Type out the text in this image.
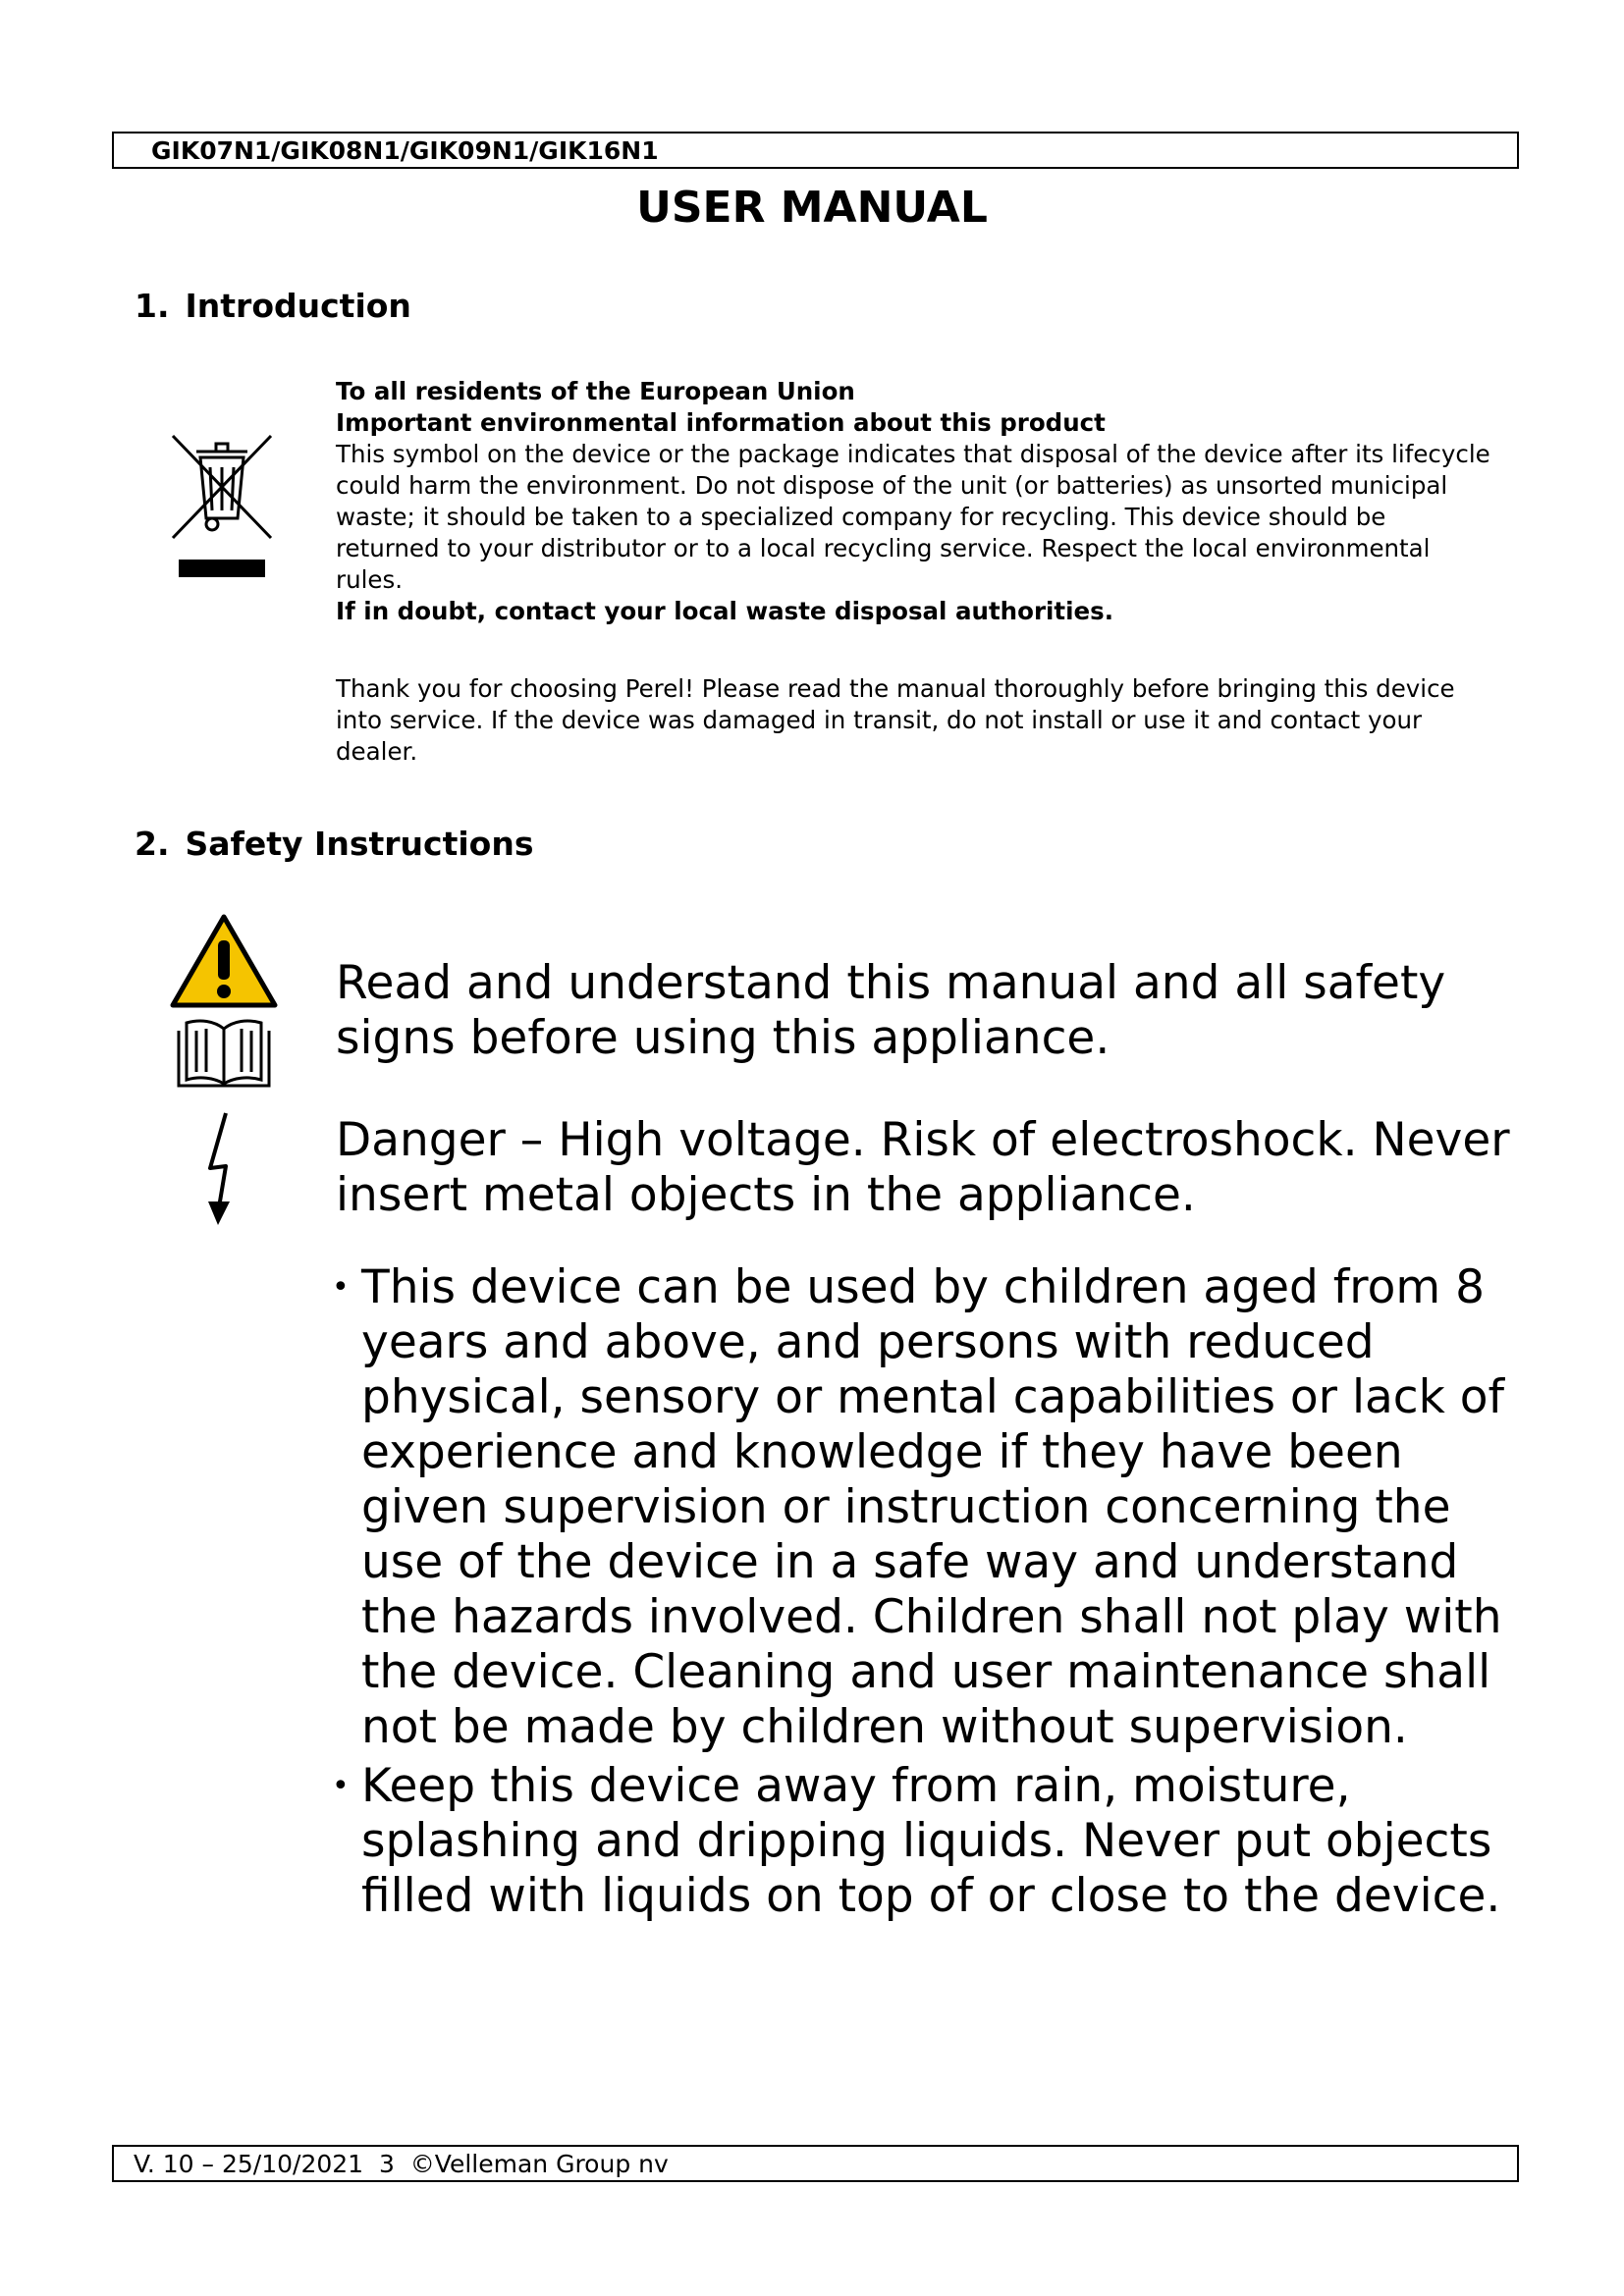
GIK07N1/GIK08N1/GIK09N1/GIK16N1
USER MANUAL
1. Introduction

To all residents of the European Union

Important environmental information about this product

This symbol on the device or the package indicates that disposal of the device after its lifecycle could harm the environment. Do not dispose of the unit (or batteries) as unsorted municipal waste; it should be taken to a specialized company for recycling. This device should be returned to your distributor or to a local recycling service. Respect the local environmental rules.

If in doubt, contact your local waste disposal authorities.

Thank you for choosing Perel! Please read the manual thoroughly before bringing this device into service. If the device was damaged in transit, do not install or use it and contact your dealer.
2. Safety Instructions
Read and understand this manual and all safety signs before using this appliance.
Danger – High voltage. Risk of electroshock. Never insert metal objects in the appliance.
• This device can be used by children aged from 8 years and above, and persons with reduced physical, sensory or mental capabilities or lack of experience and knowledge if they have been given supervision or instruction concerning the use of the device in a safe way and understand the hazards involved. Children shall not play with the device. Cleaning and user maintenance shall not be made by children without supervision.
• Keep this device away from rain, moisture, splashing and dripping liquids. Never put objects filled with liquids on top of or close to the device.
V. 10 – 25/10/2021 3 ©Velleman Group nv
